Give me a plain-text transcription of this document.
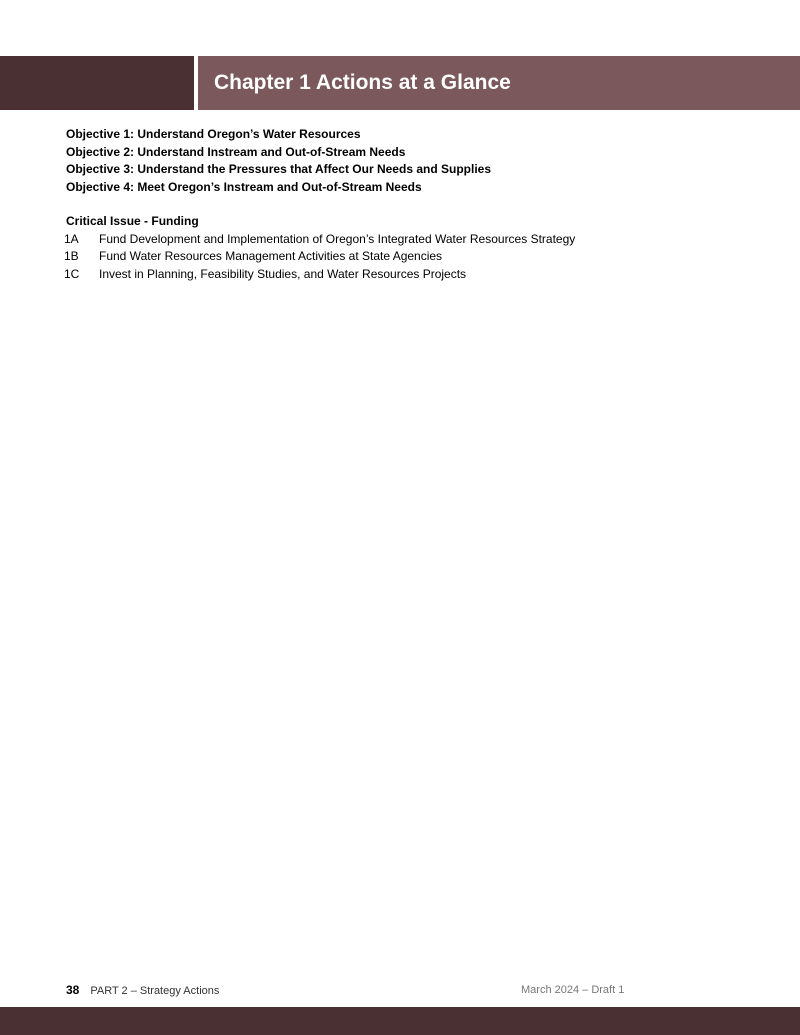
Chapter 1 Actions at a Glance
Objective 1: Understand Oregon’s Water Resources
Objective 2: Understand Instream and Out-of-Stream Needs
Objective 3: Understand the Pressures that Affect Our Needs and Supplies
Objective 4: Meet Oregon’s Instream and Out-of-Stream Needs
Critical Issue - Funding
1A	Fund Development and Implementation of Oregon’s Integrated Water Resources Strategy
1B	Fund Water Resources Management Activities at State Agencies
1C	Invest in Planning, Feasibility Studies, and Water Resources Projects
38 PART 2 – Strategy Actions	March 2024 – Draft 1
